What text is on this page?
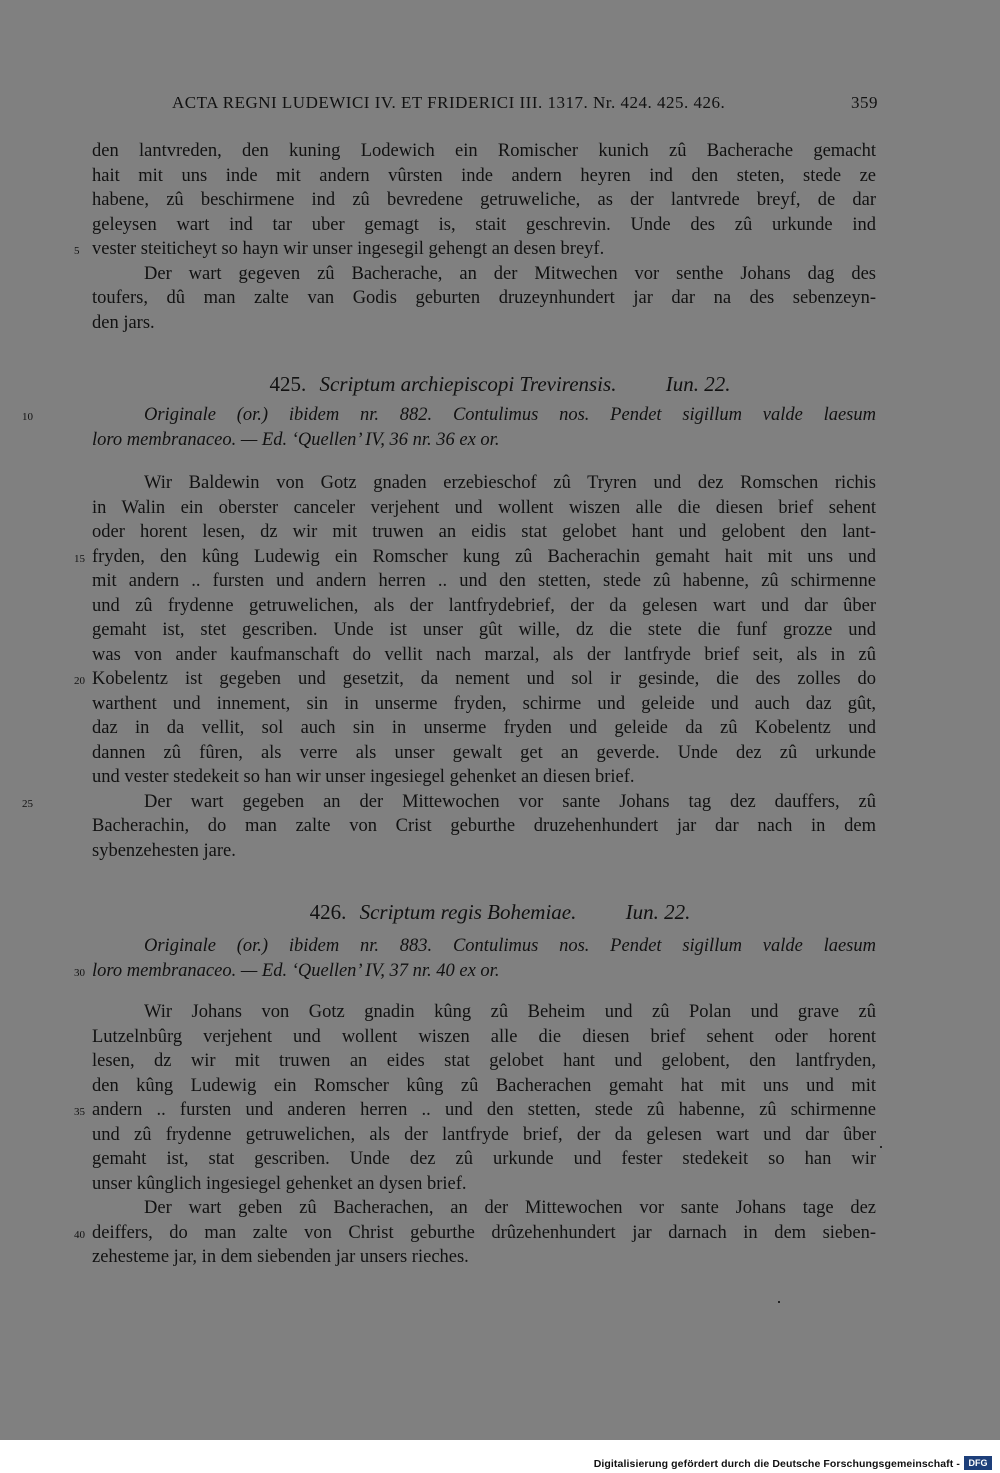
ACTA REGNI LUDEWICI IV. ET FRIDERICI III. 1317. Nr. 424. 425. 426.	359
den lantvreden, den kuning Lodewich ein Romischer kunich zû Bacherache gemacht
hait mit uns inde mit andern vûrsten inde andern heyren ind den steten, stede ze
habene, zû beschirmene ind zû bevredene getruweliche, as der lantvrede breyf, de dar
geleysen wart ind tar uber gemagt is, stait geschrevin. Unde des zû urkunde ind
5 vester steiticheyt so hayn wir unser ingesegil gehengt an desen breyf.
Der wart gegeven zû Bacherache, an der Mitwechen vor senthe Johans dag des
toufers, dû man zalte van Godis geburten druzeynhundert jar dar na des sebenzeyn-
den jars.
425. Scriptum archiepiscopi Trevirensis. Iun. 22.
10	Originale (or.) ibidem nr. 882. Contulimus nos. Pendet sigillum valde laesum
loro membranaceo. — Ed. ‘Quellen’ IV, 36 nr. 36 ex or.
Wir Baldewin von Gotz gnaden erzebieschof zû Tryren und dez Romschen richis
in Walin ein oberster canceler verjehent und wollent wiszen alle die diesen brief sehent
oder horent lesen, dz wir mit truwen an eidis stat gelobet hant und gelobent den lant-
15 fryden, den kûng Ludewig ein Romscher kung zû Bacherachin gemaht hait mit uns und
mit andern .. fursten und andern herren .. und den stetten, stede zû habenne, zû schirmenne
und zû frydenne getruwelichen, als der lantfrydebrief, der da gelesen wart und dar ûber
gemaht ist, stet gescriben. Unde ist unser gût wille, dz die stete die funf grozze und
was von ander kaufmanschaft do vellit nach marzal, als der lantfryde brief seit, als in zû
20 Kobelentz ist gegeben und gesetzit, da nement und sol ir gesinde, die des zolles do
warthent und innement, sin in unserme fryden, schirme und geleide und auch daz gût,
daz in da vellit, sol auch sin in unserme fryden und geleide da zû Kobelentz und
dannen zû fûren, als verre als unser gewalt get an geverde. Unde dez zû urkunde
und vester stedekeit so han wir unser ingesiegel gehenket an diesen brief.
25	Der wart gegeben an der Mittewochen vor sante Johans tag dez dauffers, zû
Bacherachin, do man zalte von Crist geburthe druzehenhundert jar dar nach in dem
sybenzehesten jare.
426. Scriptum regis Bohemiae. Iun. 22.
Originale (or.) ibidem nr. 883. Contulimus nos. Pendet sigillum valde laesum
30 loro membranaceo. — Ed. ‘Quellen’ IV, 37 nr. 40 ex or.
Wir Johans von Gotz gnadin kûng zû Beheim und zû Polan und grave zû
Lutzelnbûrg verjehent und wollent wiszen alle die diesen brief sehent oder horent
lesen, dz wir mit truwen an eides stat gelobet hant und gelobent, den lantfryden,
den kûng Ludewig ein Romscher kûng zû Bacherachen gemaht hat mit uns und mit
35 andern .. fursten und anderen herren .. und den stetten, stede zû habenne, zû schirmenne
und zû frydenne getruwelichen, als der lantfryde brief, der da gelesen wart und dar ûber
gemaht ist, stat gescriben. Unde dez zû urkunde und fester stedekeit so han wir
unser kûnglich ingesiegel gehenket an dysen brief.
Der wart geben zû Bacherachen, an der Mittewochen vor sante Johans tage dez
40 deiffers, do man zalte von Christ geburthe drûzehenhundert jar darnach in dem sieben-
zehesteme jar, in dem siebenden jar unsers rieches.
Digitalisierung gefördert durch die Deutsche Forschungsgemeinschaft - DFG
